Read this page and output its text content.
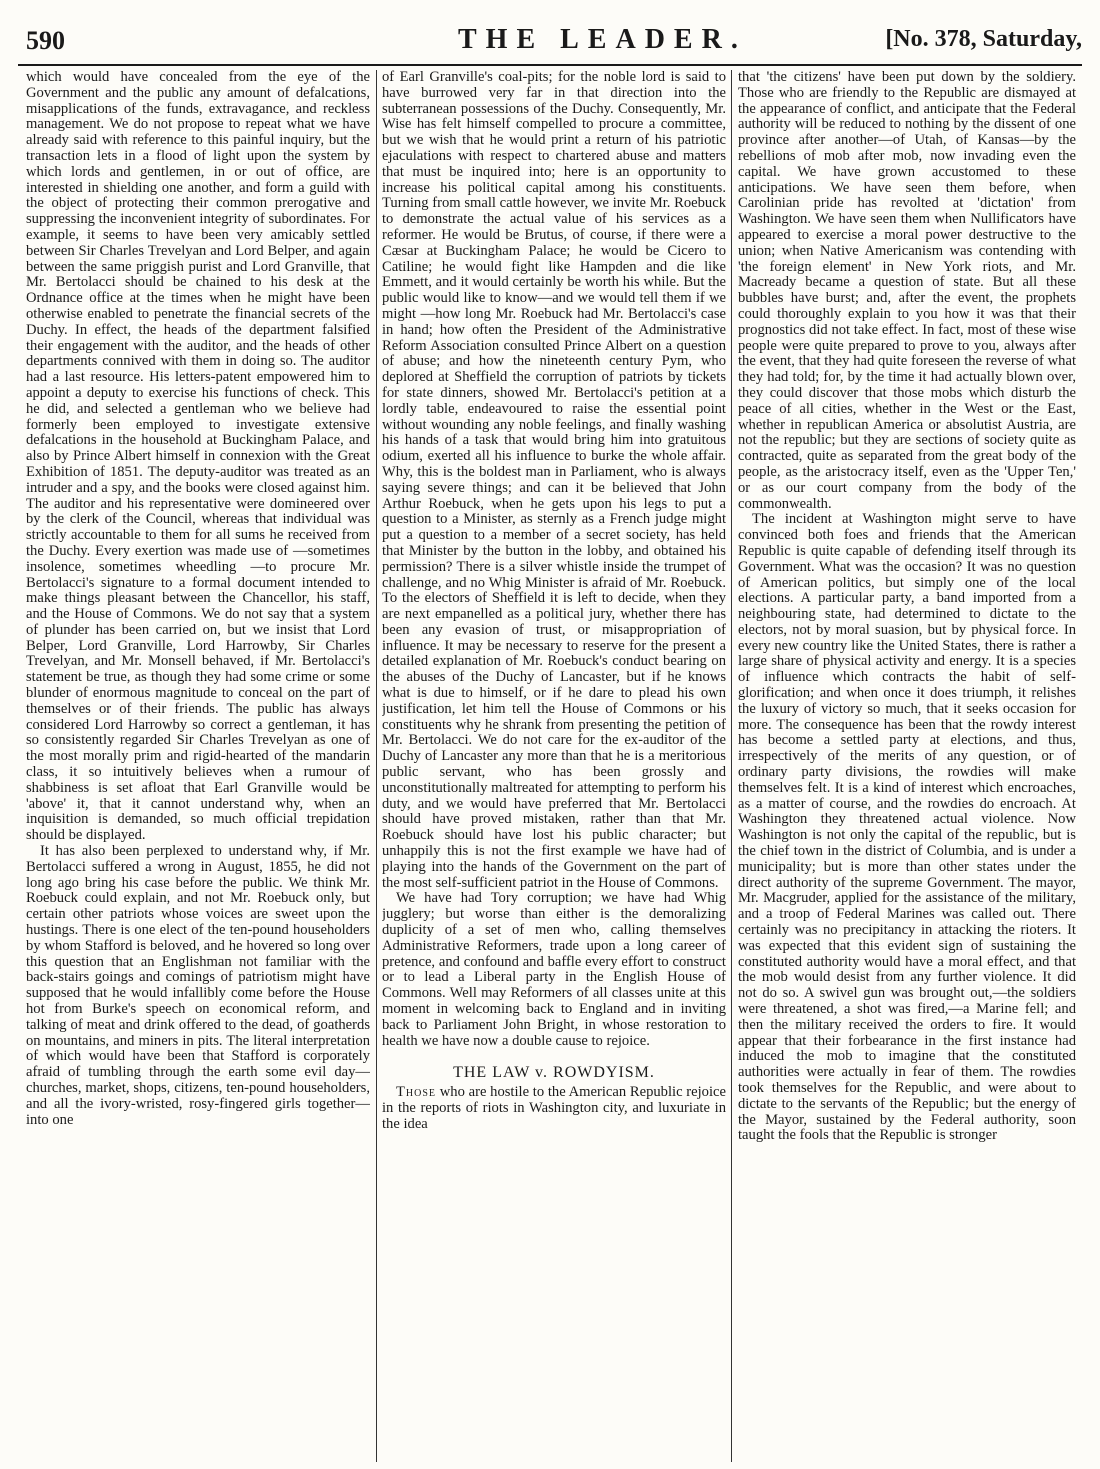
590	THE LEADER.	[No. 378, Saturday,

which would have concealed from the eye of the Government and the public any amount of defalcations, misapplications of the funds, extravagance, and reckless management. We do not propose to repeat what we have already said with reference to this painful inquiry, but the transaction lets in a flood of light upon the system by which lords and gentlemen, in or out of office, are interested in shielding one another, and form a guild with the object of protecting their common prerogative and suppressing the inconvenient integrity of subordinates. For example, it seems to have been very amicably settled between Sir Charles Trevelyan and Lord Belper, and again between the same priggish purist and Lord Granville, that Mr. Bertolacci should be chained to his desk at the Ordnance office at the times when he might have been otherwise enabled to penetrate the financial secrets of the Duchy. In effect, the heads of the department falsified their engagement with the auditor, and the heads of other departments connived with them in doing so. The auditor had a last resource. His letters-patent empowered him to appoint a deputy to exercise his functions of check. This he did, and selected a gentleman who we believe had formerly been employed to investigate extensive defalcations in the household at Buckingham Palace, and also by Prince Albert himself in connexion with the Great Exhibition of 1851. The deputy-auditor was treated as an intruder and a spy, and the books were closed against him. The auditor and his representative were domineered over by the clerk of the Council, whereas that individual was strictly accountable to them for all sums he received from the Duchy. Every exertion was made use of —sometimes insolence, sometimes wheedling —to procure Mr. Bertolacci's signature to a formal document intended to make things pleasant between the Chancellor, his staff, and the House of Commons. We do not say that a system of plunder has been carried on, but we insist that Lord Belper, Lord Granville, Lord Harrowby, Sir Charles Trevelyan, and Mr. Monsell behaved, if Mr. Bertolacci's statement be true, as though they had some crime or some blunder of enormous magnitude to conceal on the part of themselves or of their friends. The public has always considered Lord Harrowby so correct a gentleman, it has so consistently regarded Sir Charles Trevelyan as one of the most morally prim and rigid-hearted of the mandarin class, it so intuitively believes when a rumour of shabbiness is set afloat that Earl Granville would be 'above' it, that it cannot understand why, when an inquisition is demanded, so much official trepidation should be displayed.

It has also been perplexed to understand why, if Mr. Bertolacci suffered a wrong in August, 1855, he did not long ago bring his case before the public. We think Mr. Roebuck could explain, and not Mr. Roebuck only, but certain other patriots whose voices are sweet upon the hustings. There is one elect of the ten-pound householders by whom Stafford is beloved, and he hovered so long over this question that an Englishman not familiar with the back-stairs goings and comings of patriotism might have supposed that he would infallibly come before the House hot from Burke's speech on economical reform, and talking of meat and drink offered to the dead, of goatherds on mountains, and miners in pits. The literal interpretation of which would have been that Stafford is corporately afraid of tumbling through the earth some evil day—churches, market, shops, citizens, ten-pound householders, and all the ivory-wristed, rosy-fingered girls together—into one

of Earl Granville's coal-pits; for the noble lord is said to have burrowed very far in that direction into the subterranean possessions of the Duchy. Consequently, Mr. Wise has felt himself compelled to procure a committee, but we wish that he would print a return of his patriotic ejaculations with respect to chartered abuse and matters that must be inquired into; here is an opportunity to increase his political capital among his constituents. Turning from small cattle however, we invite Mr. Roebuck to demonstrate the actual value of his services as a reformer. He would be Brutus, of course, if there were a Cæsar at Buckingham Palace; he would be Cicero to Catiline; he would fight like Hampden and die like Emmett, and it would certainly be worth his while. But the public would like to know—and we would tell them if we might —how long Mr. Roebuck had Mr. Bertolacci's case in hand; how often the President of the Administrative Reform Association consulted Prince Albert on a question of abuse; and how the nineteenth century Pym, who deplored at Sheffield the corruption of patriots by tickets for state dinners, showed Mr. Bertolacci's petition at a lordly table, endeavoured to raise the essential point without wounding any noble feelings, and finally washing his hands of a task that would bring him into gratuitous odium, exerted all his influence to burke the whole affair. Why, this is the boldest man in Parliament, who is always saying severe things; and can it be believed that John Arthur Roebuck, when he gets upon his legs to put a question to a Minister, as sternly as a French judge might put a question to a member of a secret society, has held that Minister by the button in the lobby, and obtained his permission? There is a silver whistle inside the trumpet of challenge, and no Whig Minister is afraid of Mr. Roebuck. To the electors of Sheffield it is left to decide, when they are next empanelled as a political jury, whether there has been any evasion of trust, or misappropriation of influence. It may be necessary to reserve for the present a detailed explanation of Mr. Roebuck's conduct bearing on the abuses of the Duchy of Lancaster, but if he knows what is due to himself, or if he dare to plead his own justification, let him tell the House of Commons or his constituents why he shrank from presenting the petition of Mr. Bertolacci. We do not care for the ex-auditor of the Duchy of Lancaster any more than that he is a meritorious public servant, who has been grossly and unconstitutionally maltreated for attempting to perform his duty, and we would have preferred that Mr. Bertolacci should have proved mistaken, rather than that Mr. Roebuck should have lost his public character; but unhappily this is not the first example we have had of playing into the hands of the Government on the part of the most self-sufficient patriot in the House of Commons.

We have had Tory corruption; we have had Whig jugglery; but worse than either is the demoralizing duplicity of a set of men who, calling themselves Administrative Reformers, trade upon a long career of pretence, and confound and baffle every effort to construct or to lead a Liberal party in the English House of Commons. Well may Reformers of all classes unite at this moment in welcoming back to England and in inviting back to Parliament John Bright, in whose restoration to health we have now a double cause to rejoice.

THE LAW v. ROWDYISM.

Those who are hostile to the American Republic rejoice in the reports of riots in Washington city, and luxuriate in the idea

that 'the citizens' have been put down by the soldiery. Those who are friendly to the Republic are dismayed at the appearance of conflict, and anticipate that the Federal authority will be reduced to nothing by the dissent of one province after another—of Utah, of Kansas—by the rebellions of mob after mob, now invading even the capital. We have grown accustomed to these anticipations. We have seen them before, when Carolinian pride has revolted at 'dictation' from Washington. We have seen them when Nullificators have appeared to exercise a moral power destructive to the union; when Native Americanism was contending with 'the foreign element' in New York riots, and Mr. Macready became a question of state. But all these bubbles have burst; and, after the event, the prophets could thoroughly explain to you how it was that their prognostics did not take effect. In fact, most of these wise people were quite prepared to prove to you, always after the event, that they had quite foreseen the reverse of what they had told; for, by the time it had actually blown over, they could discover that those mobs which disturb the peace of all cities, whether in the West or the East, whether in republican America or absolutist Austria, are not the republic; but they are sections of society quite as contracted, quite as separated from the great body of the people, as the aristocracy itself, even as the 'Upper Ten,' or as our court company from the body of the commonwealth.

The incident at Washington might serve to have convinced both foes and friends that the American Republic is quite capable of defending itself through its Government. What was the occasion? It was no question of American politics, but simply one of the local elections. A particular party, a band imported from a neighbouring state, had determined to dictate to the electors, not by moral suasion, but by physical force. In every new country like the United States, there is rather a large share of physical activity and energy. It is a species of influence which contracts the habit of self-glorification; and when once it does triumph, it relishes the luxury of victory so much, that it seeks occasion for more. The consequence has been that the rowdy interest has become a settled party at elections, and thus, irrespectively of the merits of any question, or of ordinary party divisions, the rowdies will make themselves felt. It is a kind of interest which encroaches, as a matter of course, and the rowdies do encroach. At Washington they threatened actual violence. Now Washington is not only the capital of the republic, but is the chief town in the district of Columbia, and is under a municipality; but is more than other states under the direct authority of the supreme Government. The mayor, Mr. Macgruder, applied for the assistance of the military, and a troop of Federal Marines was called out. There certainly was no precipitancy in attacking the rioters. It was expected that this evident sign of sustaining the constituted authority would have a moral effect, and that the mob would desist from any further violence. It did not do so. A swivel gun was brought out,—the soldiers were threatened, a shot was fired,—a Marine fell; and then the military received the orders to fire. It would appear that their forbearance in the first instance had induced the mob to imagine that the constituted authorities were actually in fear of them. The rowdies took themselves for the Republic, and were about to dictate to the servants of the Republic; but the energy of the Mayor, sustained by the Federal authority, soon taught the fools that the Republic is stronger
